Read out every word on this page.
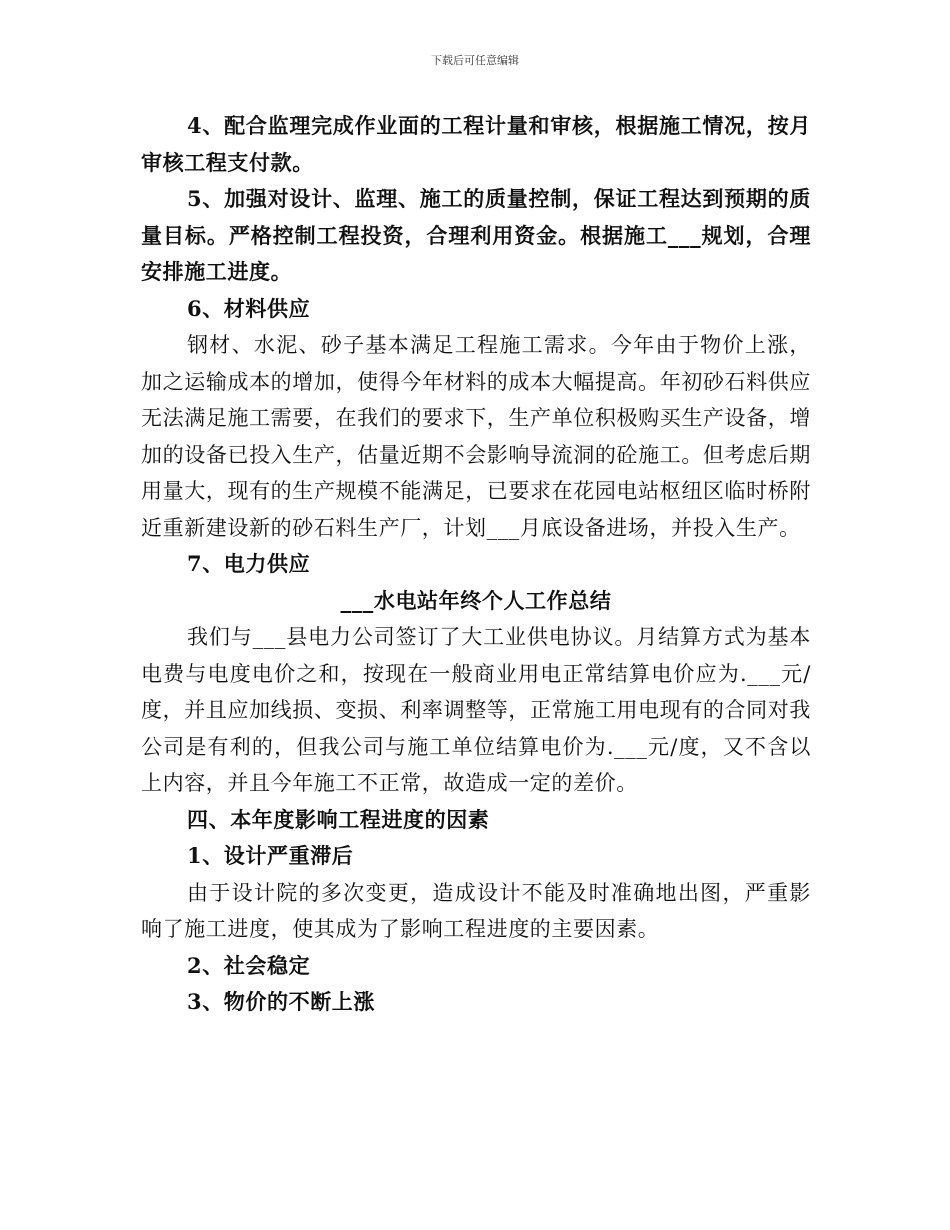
下载后可任意编辑

4、配合监理完成作业面的工程计量和审核，根据施工情况，按月审核工程支付款。

5、加强对设计、监理、施工的质量控制，保证工程达到预期的质量目标。严格控制工程投资，合理利用资金。根据施工___规划，合理安排施工进度。

6、材料供应

钢材、水泥、砂子基本满足工程施工需求。今年由于物价上涨，加之运输成本的增加，使得今年材料的成本大幅提高。年初砂石料供应无法满足施工需要，在我们的要求下，生产单位积极购买生产设备，增加的设备已投入生产，估量近期不会影响导流洞的砼施工。但考虑后期用量大，现有的生产规模不能满足，已要求在花园电站枢纽区临时桥附近重新建设新的砂石料生产厂，计划___月底设备进场，并投入生产。

7、电力供应

___水电站年终个人工作总结

我们与___县电力公司签订了大工业供电协议。月结算方式为基本电费与电度电价之和，按现在一般商业用电正常结算电价应为.___元/度，并且应加线损、变损、利率调整等，正常施工用电现有的合同对我公司是有利的，但我公司与施工单位结算电价为.___元/度，又不含以上内容，并且今年施工不正常，故造成一定的差价。

四、本年度影响工程进度的因素

1、设计严重滞后

由于设计院的多次变更，造成设计不能及时准确地出图，严重影响了施工进度，使其成为了影响工程进度的主要因素。

2、社会稳定

3、物价的不断上涨
